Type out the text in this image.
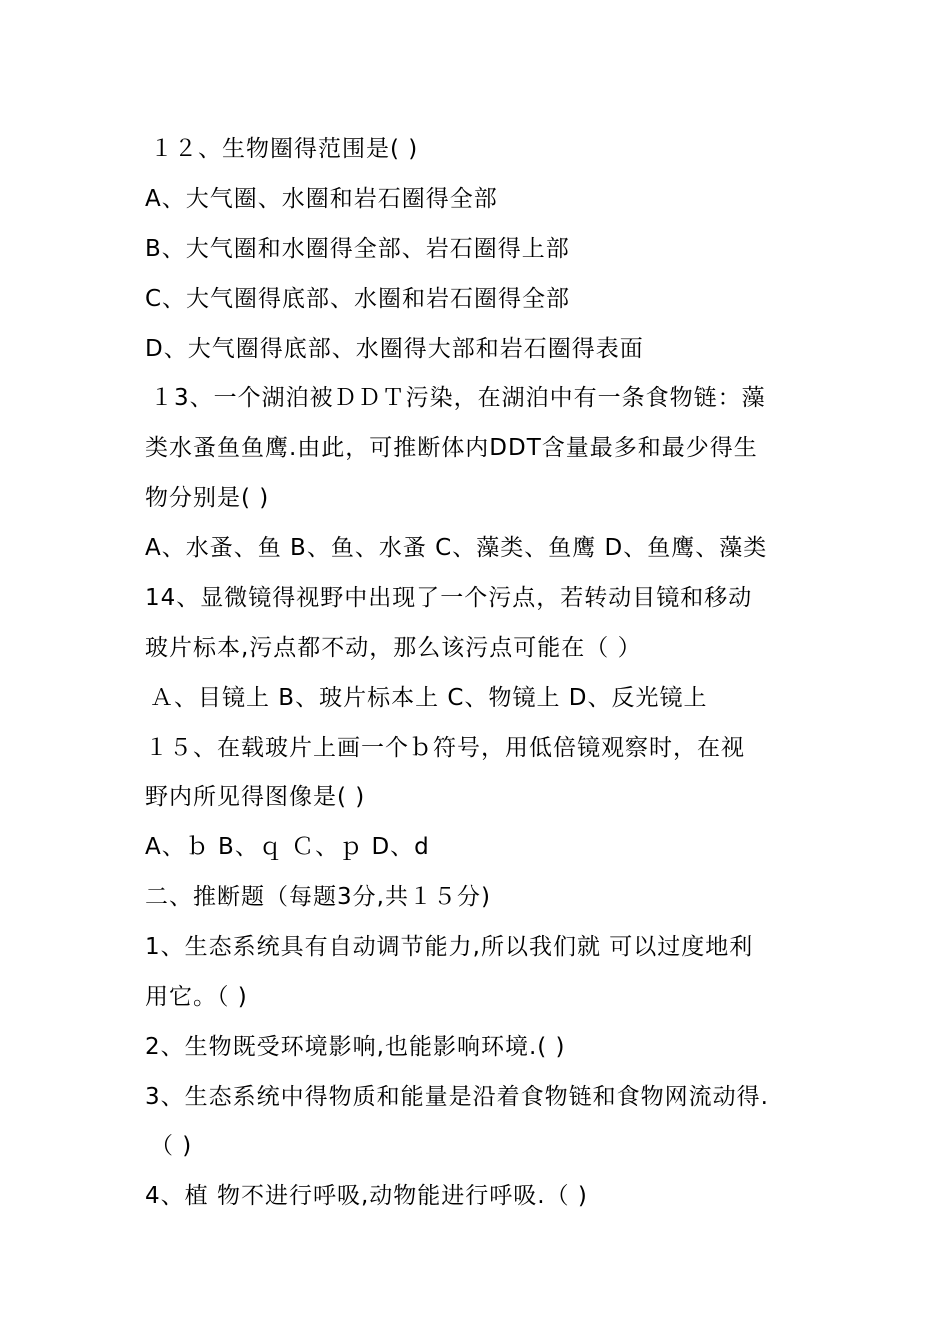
１２、生物圈得范围是( )
A、大气圈、水圈和岩石圈得全部
B、大气圈和水圈得全部、岩石圈得上部
C、大气圈得底部、水圈和岩石圈得全部
D、大气圈得底部、水圈得大部和岩石圈得表面
１3、一个湖泊被ＤＤＴ污染，在湖泊中有一条食物链：藻
类水蚤鱼鱼鹰.由此，可推断体内DDT含量最多和最少得生
物分别是( )
A、水蚤、鱼 B、鱼、水蚤 C、藻类、鱼鹰 D、鱼鹰、藻类
14、显微镜得视野中出现了一个污点，若转动目镜和移动
玻片标本,污点都不动，那么该污点可能在（ ）
Ａ、目镜上 B、玻片标本上 C、物镜上 D、反光镜上
１５、在载玻片上画一个ｂ符号，用低倍镜观察时，在视
野内所见得图像是( )
A、ｂ B、ｑ Ｃ、ｐ D、d
二、推断题（每题3分,共１５分)
1、生态系统具有自动调节能力,所以我们就 可以过度地利
用它。（ )
2、生物既受环境影响,也能影响环境.( )
3、生态系统中得物质和能量是沿着食物链和食物网流动得.
（ )
4、植 物不进行呼吸,动物能进行呼吸.（ )
